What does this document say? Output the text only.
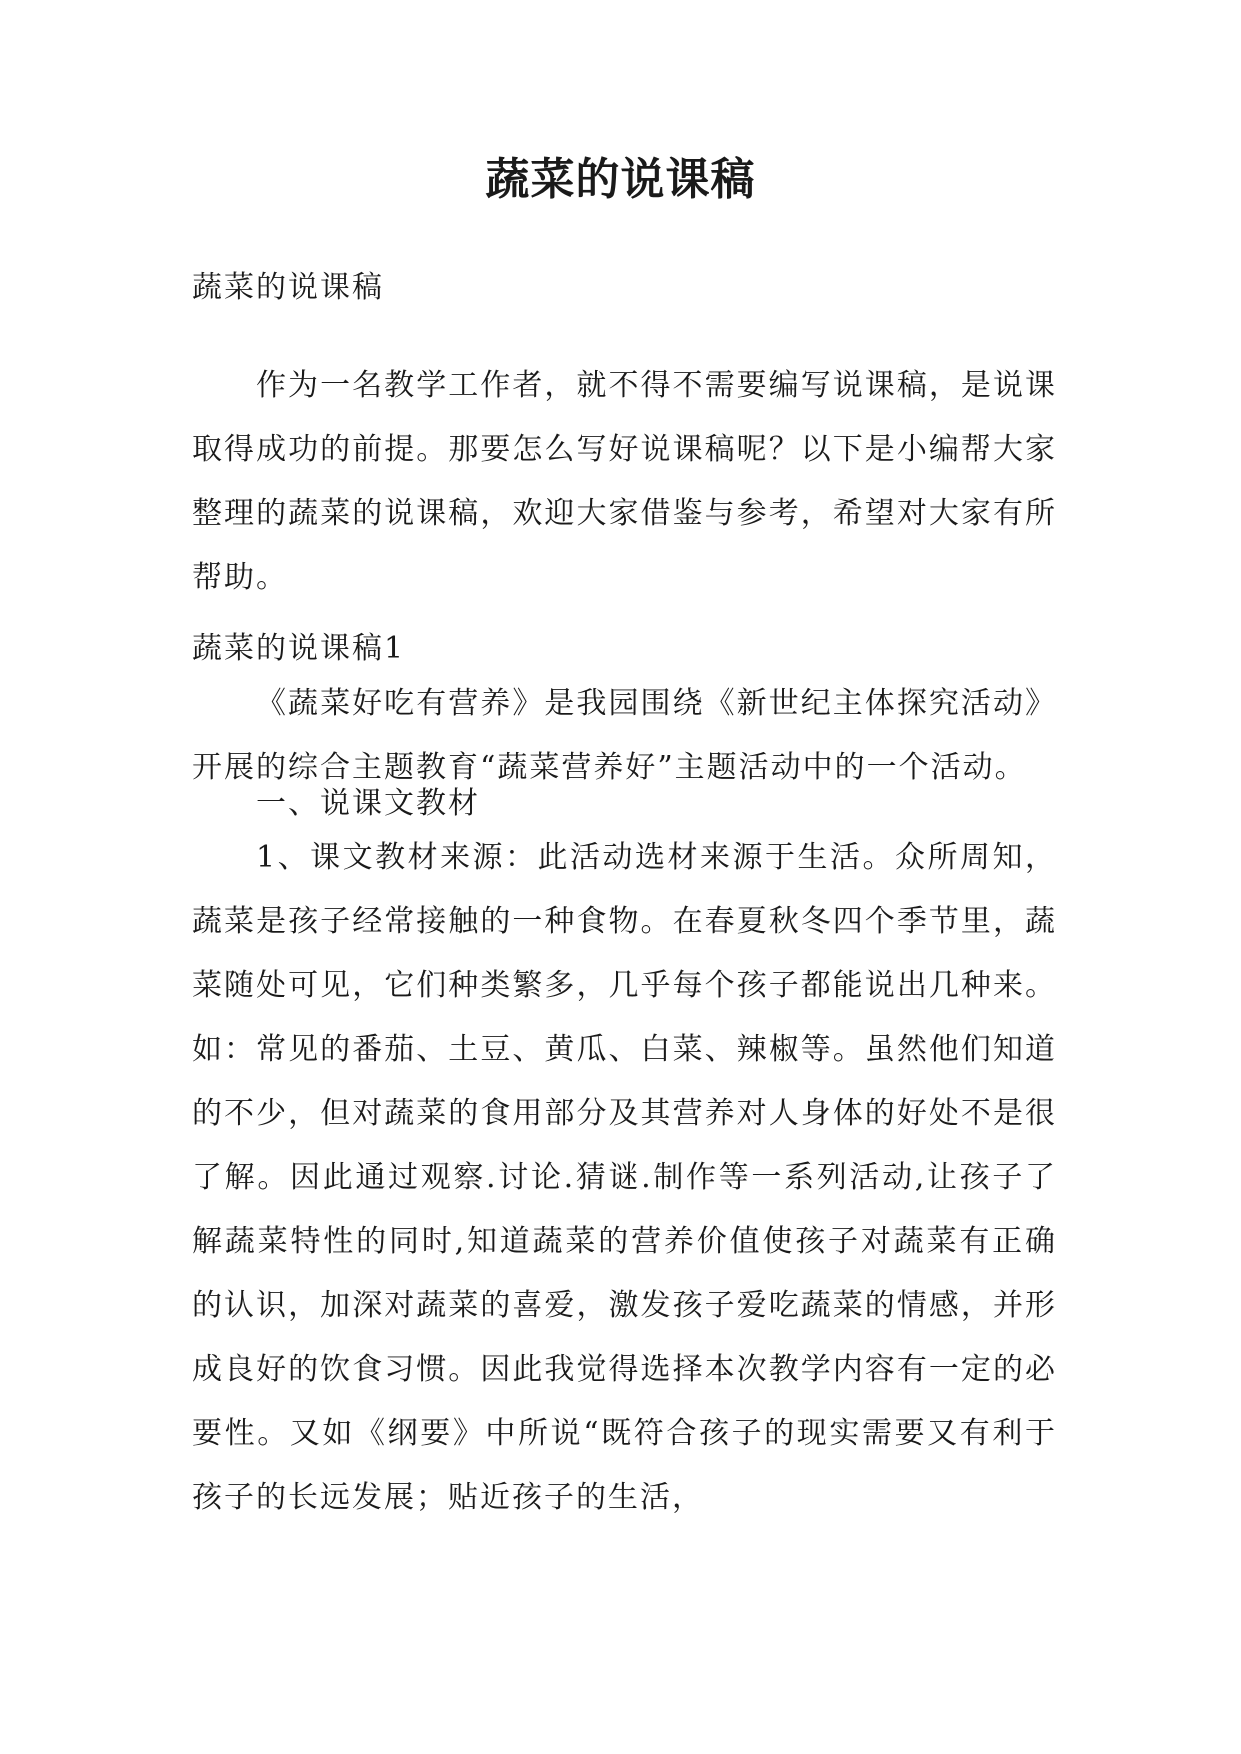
蔬菜的说课稿
蔬菜的说课稿
作为一名教学工作者，就不得不需要编写说课稿，是说课取得成功的前提。那要怎么写好说课稿呢？以下是小编帮大家整理的蔬菜的说课稿，欢迎大家借鉴与参考，希望对大家有所帮助。
蔬菜的说课稿1
《蔬菜好吃有营养》是我园围绕《新世纪主体探究活动》开展的综合主题教育“蔬菜营养好”主题活动中的一个活动。
一、说课文教材
1、课文教材来源：此活动选材来源于生活。众所周知，蔬菜是孩子经常接触的一种食物。在春夏秋冬四个季节里，蔬菜随处可见，它们种类繁多，几乎每个孩子都能说出几种来。如：常见的番茄、土豆、黄瓜、白菜、辣椒等。虽然他们知道的不少，但对蔬菜的食用部分及其营养对人身体的好处不是很了解。因此通过观察.讨论.猜谜.制作等一系列活动,让孩子了解蔬菜特性的同时,知道蔬菜的营养价值使孩子对蔬菜有正确的认识，加深对蔬菜的喜爱，激发孩子爱吃蔬菜的情感，并形成良好的饮食习惯。因此我觉得选择本次教学内容有一定的必要性。又如《纲要》中所说“既符合孩子的现实需要又有利于孩子的长远发展；贴近孩子的生活，
